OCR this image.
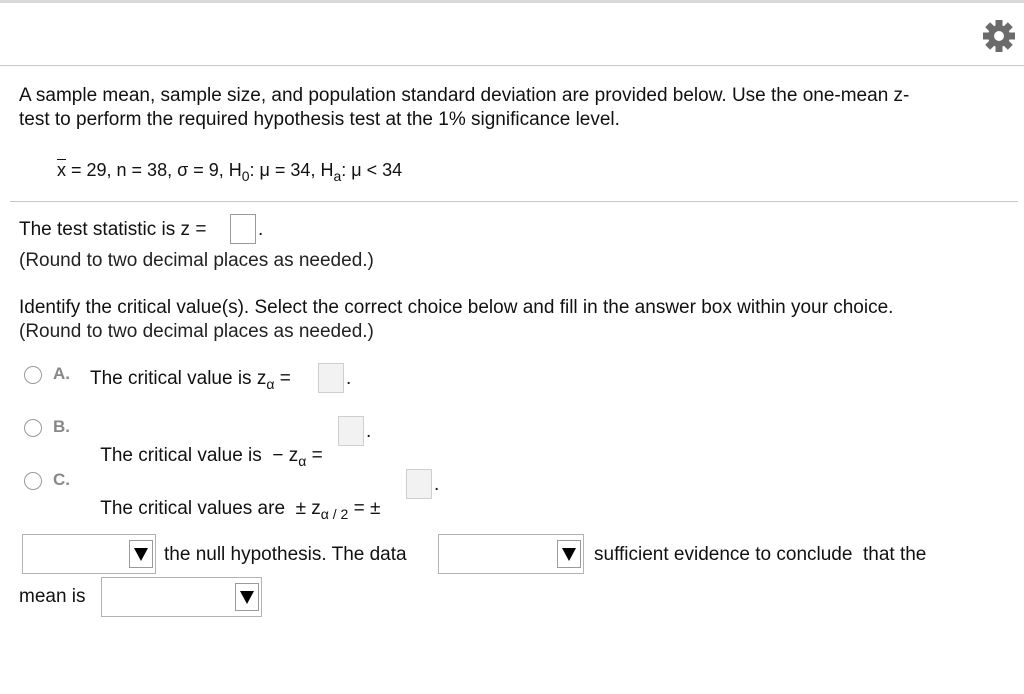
A sample mean, sample size, and population standard deviation are provided below. Use the one-mean z-
test to perform the required hypothesis test at the 1% significance level.
$\overline{x} = 29$, n = 38, σ = 9, $H_0$: μ = 34, $H_a$: μ < 34
The test statistic is z =	.
(Round to two decimal places as needed.)
Identify the critical value(s). Select the correct choice below and fill in the answer box within your choice.
(Round to two decimal places as needed.)
A. The critical value is $z_\alpha$ =	.
B.

The critical value is  − $z_\alpha$ =

.
C.

The critical values are  ± $z_{\alpha / 2}$ = ±

.
the null hypothesis. The data	sufficient evidence to conclude  that the
mean is
